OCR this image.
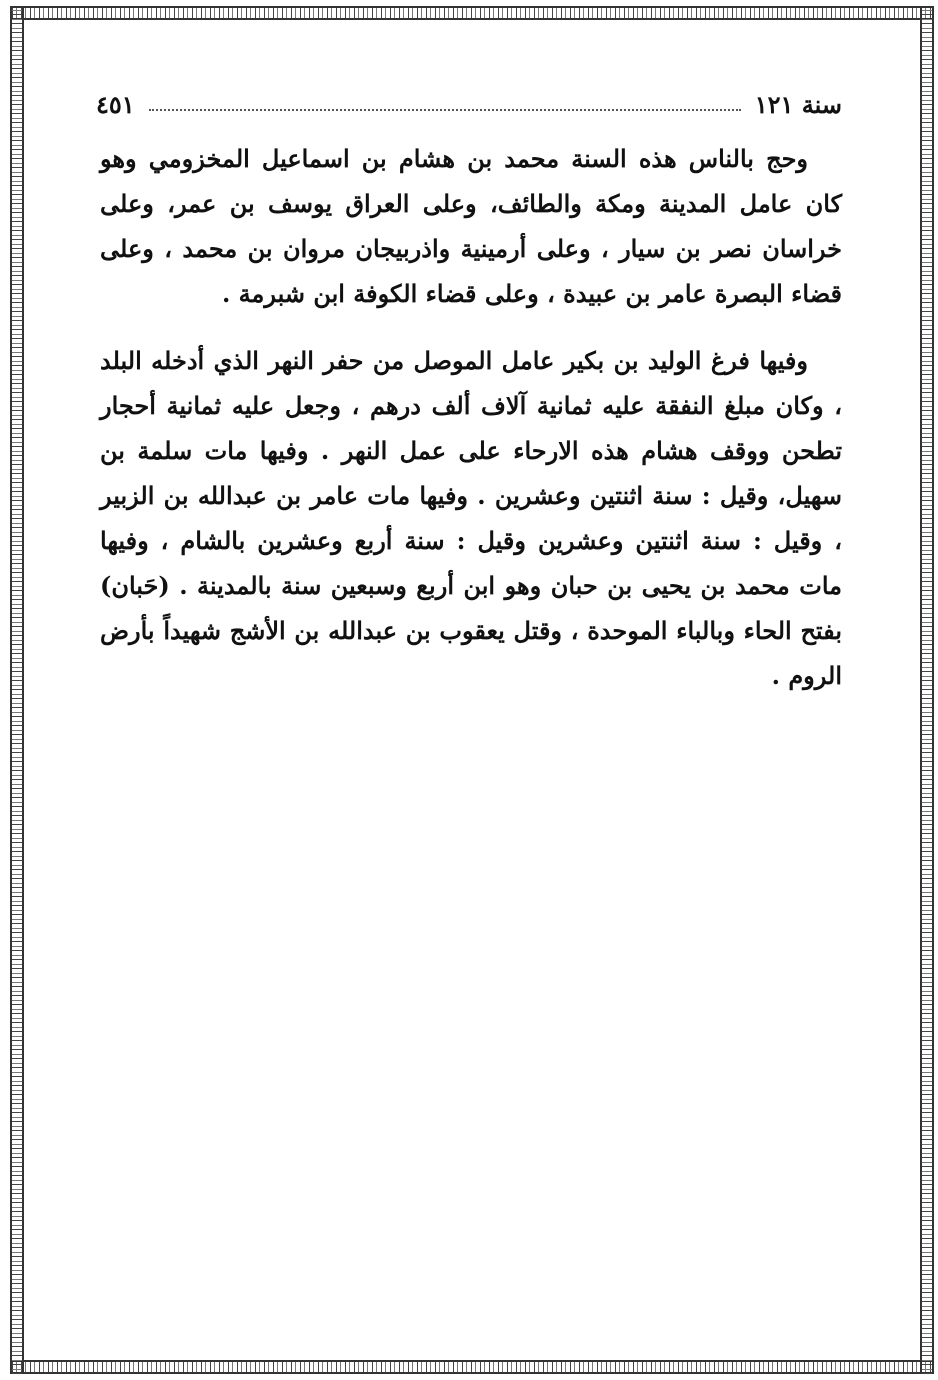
سنة ١٢١
٤٥١

وحج بالناس هذه السنة محمد بن هشام بن اسماعيل المخزومي وهو كان عامل المدينة ومكة والطائف، وعلى العراق يوسف بن عمر، وعلى خراسان نصر بن سيار ، وعلى أرمينية واذربيجان مروان بن محمد ، وعلى قضاء البصرة عامر بن عبيدة ، وعلى قضاء الكوفة ابن شبرمة .

وفيها فرغ الوليد بن بكير عامل الموصل من حفر النهر الذي أدخله البلد ، وكان مبلغ النفقة عليه ثمانية آلاف ألف درهم ، وجعل عليه ثمانية أحجار تطحن ووقف هشام هذه الارحاء على عمل النهر . وفيها مات سلمة بن سهيل، وقيل : سنة اثنتين وعشرين . وفيها مات عامر بن عبدالله بن الزبير ، وقيل : سنة اثنتين وعشرين وقيل : سنة أربع وعشرين بالشام ، وفيها مات محمد بن يحيى بن حبان وهو ابن أربع وسبعين سنة بالمدينة . (حَبان) بفتح الحاء وبالباء الموحدة ، وقتل يعقوب بن عبدالله بن الأشج شهيداً بأرض الروم .
